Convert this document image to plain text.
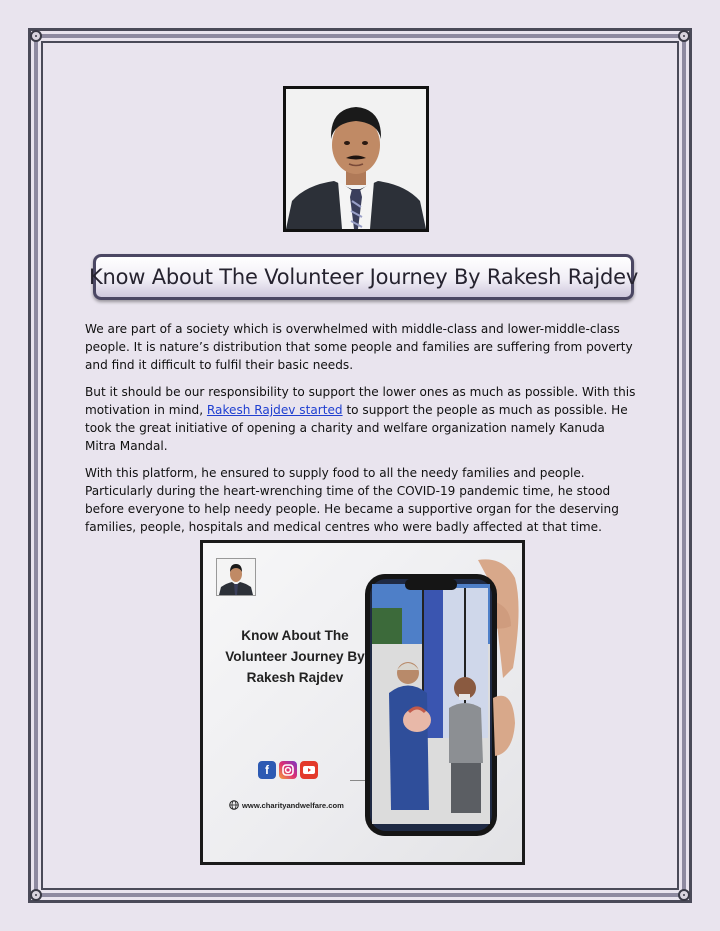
Know About The Volunteer Journey By Rakesh Rajdev

We are part of a society which is overwhelmed with middle-class and lower-middle-class people. It is nature’s distribution that some people and families are suffering from poverty and find it difficult to fulfil their basic needs.

But it should be our responsibility to support the lower ones as much as possible. With this motivation in mind, Rakesh Rajdev started to support the people as much as possible. He took the great initiative of opening a charity and welfare organization namely Kanuda Mitra Mandal.

With this platform, he ensured to supply food to all the needy families and people. Particularly during the heart-wrenching time of the COVID-19 pandemic time, he stood before everyone to help needy people. He became a supportive organ for the deserving families, people, hospitals and medical centres who were badly affected at that time.

Know About The Volunteer Journey By Rakesh Rajdev
f
www.charityandwelfare.com
